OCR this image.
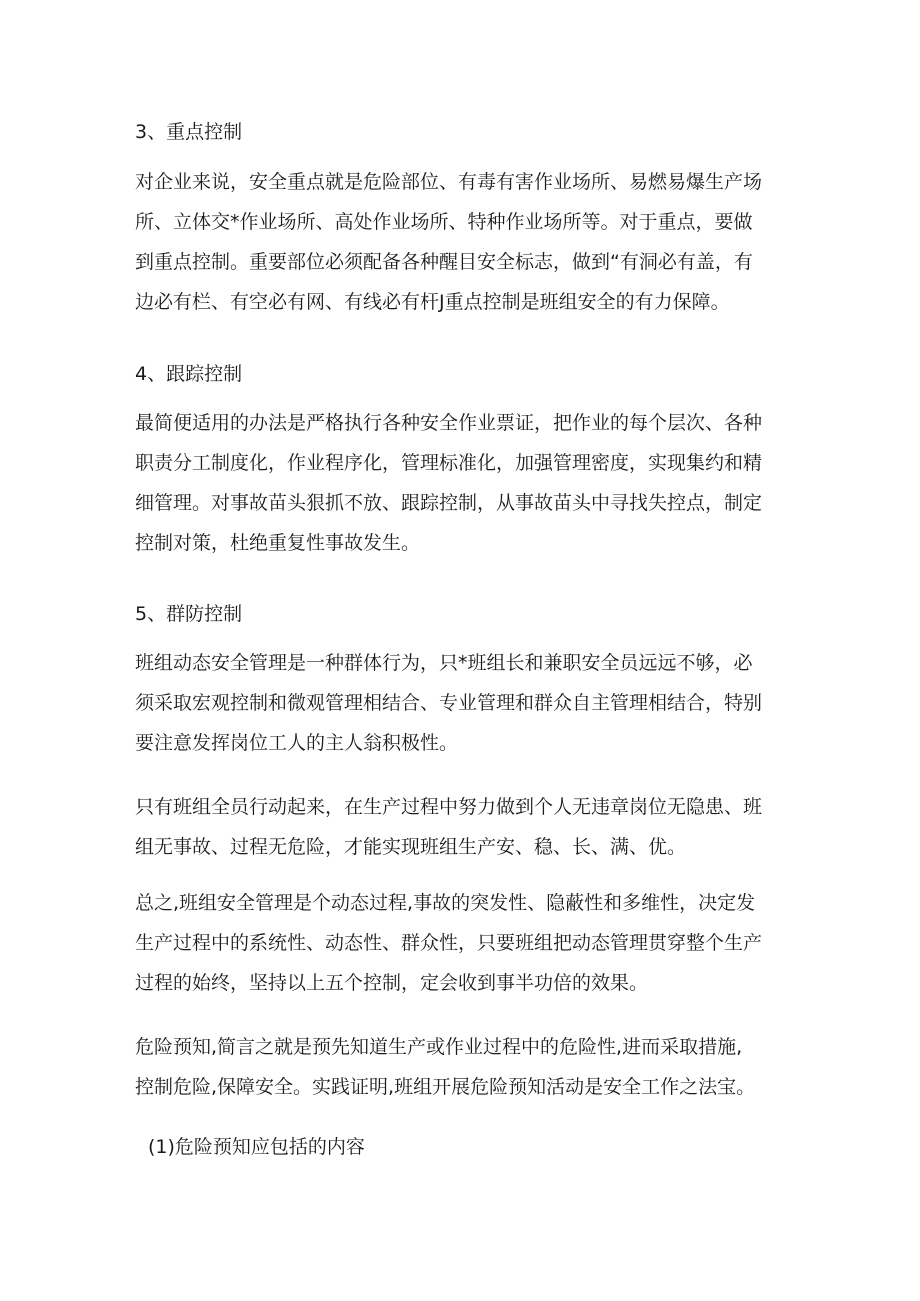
3、重点控制
对企业来说，安全重点就是危险部位、有毒有害作业场所、易燃易爆生产场
所、立体交*作业场所、高处作业场所、特种作业场所等。对于重点，要做
到重点控制。重要部位必须配备各种醒目安全标志，做到“有洞必有盖，有
边必有栏、有空必有网、有线必有杆J重点控制是班组安全的有力保障。
4、跟踪控制
最简便适用的办法是严格执行各种安全作业票证，把作业的每个层次、各种
职责分工制度化，作业程序化，管理标准化，加强管理密度，实现集约和精
细管理。对事故苗头狠抓不放、跟踪控制，从事故苗头中寻找失控点，制定
控制对策，杜绝重复性事故发生。
5、群防控制
班组动态安全管理是一种群体行为，只*班组长和兼职安全员远远不够，必
须采取宏观控制和微观管理相结合、专业管理和群众自主管理相结合，特别
要注意发挥岗位工人的主人翁积极性。
只有班组全员行动起来，在生产过程中努力做到个人无违章岗位无隐患、班
组无事故、过程无危险，才能实现班组生产安、稳、长、满、优。
总之,班组安全管理是个动态过程,事故的突发性、隐蔽性和多维性，决定发
生产过程中的系统性、动态性、群众性，只要班组把动态管理贯穿整个生产
过程的始终，坚持以上五个控制，定会收到事半功倍的效果。
危险预知,简言之就是预先知道生产或作业过程中的危险性,进而采取措施,
控制危险,保障安全。实践证明,班组开展危险预知活动是安全工作之法宝。
(1)危险预知应包括的内容
